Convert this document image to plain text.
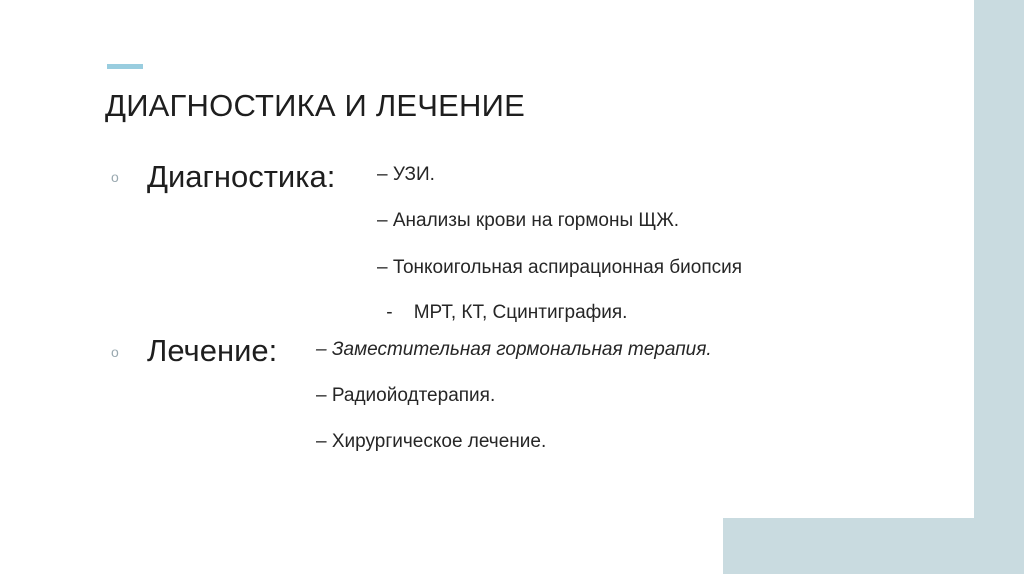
ДИАГНОСТИКА И ЛЕЧЕНИЕ
o Диагностика: – УЗИ.
– Анализы крови на гормоны ЩЖ.
– Тонкоигольная аспирационная биопсия
-    МРТ, КТ, Сцинтиграфия.
o Лечение: – Заместительная гормональная терапия.
– Радиойодтерапия.
– Хирургическое лечение.
